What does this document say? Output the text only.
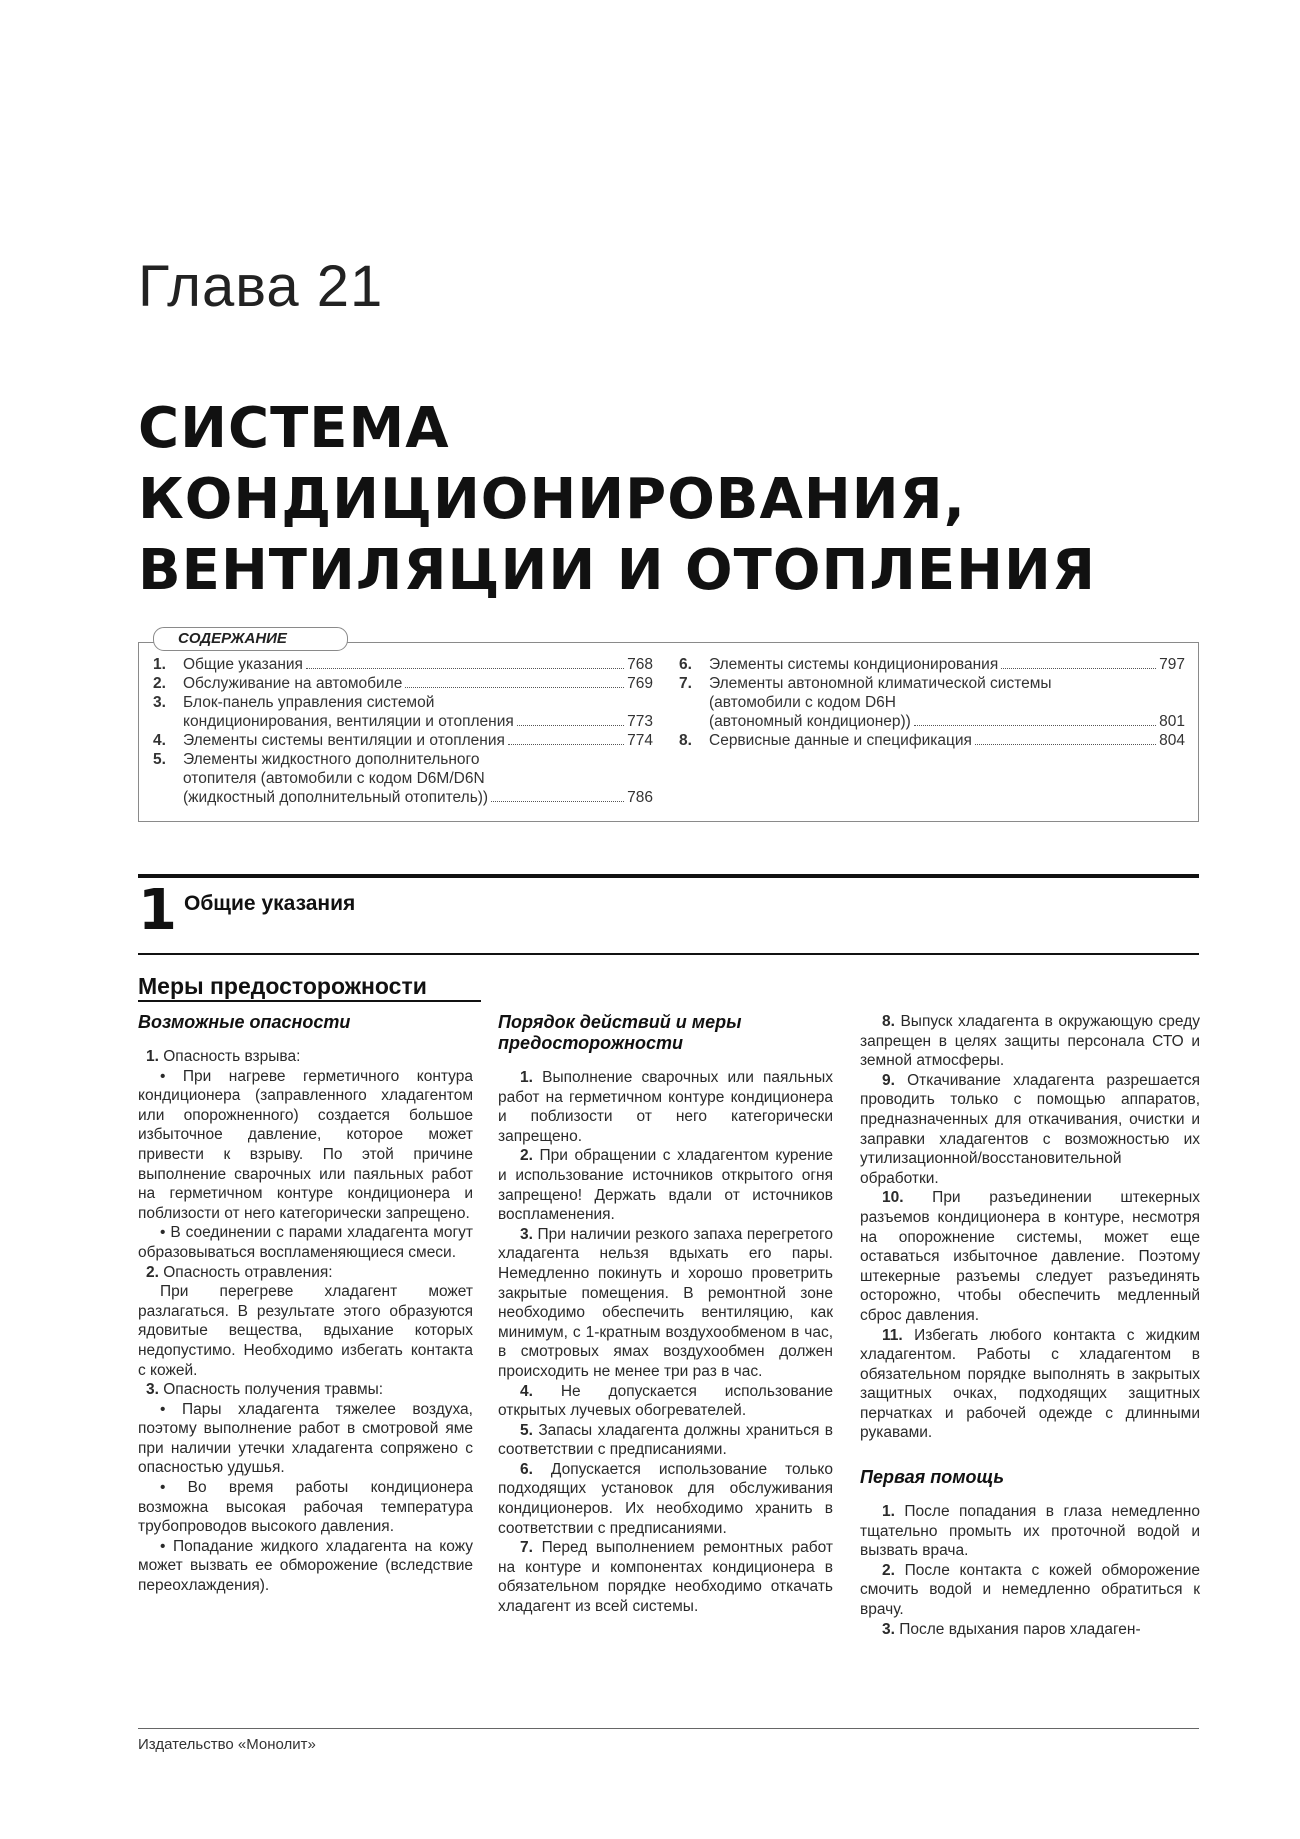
Глава 21
СИСТЕМА
КОНДИЦИОНИРОВАНИЯ,
ВЕНТИЛЯЦИИ И ОТОПЛЕНИЯ
СОДЕРЖАНИЕ
1.	Общие указания	768
2.	Обслуживание на автомобиле	769
3.	Блок-панель управления системой
кондиционирования, вентиляции и отопления	773
4.	Элементы системы вентиляции и отопления	774
5.	Элементы жидкостного дополнительного
отопителя (автомобили с кодом D6M/D6N
(жидкостный дополнительный отопитель))	786
6.	Элементы системы кондиционирования	797
7.	Элементы автономной климатической системы
(автомобили с кодом D6H
(автономный кондиционер))	801
8.	Сервисные данные и спецификация	804
1 Общие указания
Меры предосторожности
Возможные опасности

1. Опасность взрыва:

• При нагреве герметичного контура кондиционера (заправленного хладагентом или опорожненного) создается большое избыточное давление, которое может привести к взрыву. По этой причине выполнение сварочных или паяльных работ на герметичном контуре кондиционера и поблизости от него категорически запрещено.

• В соединении с парами хладагента могут образовываться воспламеняющиеся смеси.

2. Опасность отравления:

При перегреве хладагент может разлагаться. В результате этого образуются ядовитые вещества, вдыхание которых недопустимо. Необходимо избегать контакта с кожей.

3. Опасность получения травмы:

• Пары хладагента тяжелее воздуха, поэтому выполнение работ в смотровой яме при наличии утечки хладагента сопряжено с опасностью удушья.

• Во время работы кондиционера возможна высокая рабочая температура трубопроводов высокого давления.

• Попадание жидкого хладагента на кожу может вызвать ее обморожение (вследствие переохлаждения).

Порядок действий и меры предосторожности

1. Выполнение сварочных или паяльных работ на герметичном контуре кондиционера и поблизости от него категорически запрещено.

2. При обращении с хладагентом курение и использование источников открытого огня запрещено! Держать вдали от источников воспламенения.

3. При наличии резкого запаха перегретого хладагента нельзя вдыхать его пары. Немедленно покинуть и хорошо проветрить закрытые помещения. В ремонтной зоне необходимо обеспечить вентиляцию, как минимум, с 1-кратным воздухообменом в час, в смотровых ямах воздухообмен должен происходить не менее три раз в час.

4. Не допускается использование открытых лучевых обогревателей.

5. Запасы хладагента должны храниться в соответствии с предписаниями.

6. Допускается использование только подходящих установок для обслуживания кондиционеров. Их необходимо хранить в соответствии с предписаниями.

7. Перед выполнением ремонтных работ на контуре и компонентах кондиционера в обязательном порядке необходимо откачать хладагент из всей системы.

8. Выпуск хладагента в окружающую среду запрещен в целях защиты персонала СТО и земной атмосферы.

9. Откачивание хладагента разрешается проводить только с помощью аппаратов, предназначенных для откачивания, очистки и заправки хладагентов с возможностью их утилизационной/восстановительной обработки.

10. При разъединении штекерных разъемов кондиционера в контуре, несмотря на опорожнение системы, может еще оставаться избыточное давление. Поэтому штекерные разъемы следует разъединять осторожно, чтобы обеспечить медленный сброс давления.

11. Избегать любого контакта с жидким хладагентом. Работы с хладагентом в обязательном порядке выполнять в закрытых защитных очках, подходящих защитных перчатках и рабочей одежде с длинными рукавами.

Первая помощь

1. После попадания в глаза немедленно тщательно промыть их проточной водой и вызвать врача.

2. После контакта с кожей обморожение смочить водой и немедленно обратиться к врачу.

3. После вдыхания паров хладаген-

Издательство «Монолит»
